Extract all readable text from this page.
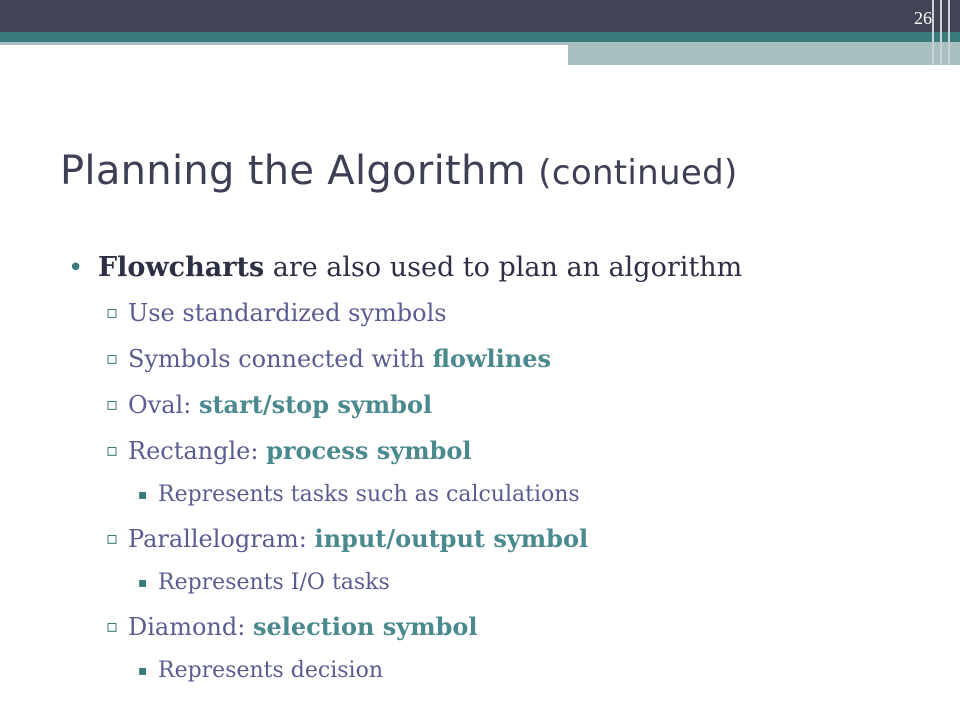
26
Planning the Algorithm (continued)
• Flowcharts are also used to plan an algorithm
▫ Use standardized symbols
▫ Symbols connected with flowlines
▫ Oval: start/stop symbol
▫ Rectangle: process symbol
▪ Represents tasks such as calculations
▫ Parallelogram: input/output symbol
▪ Represents I/O tasks
▫ Diamond: selection symbol
▪ Represents decision
